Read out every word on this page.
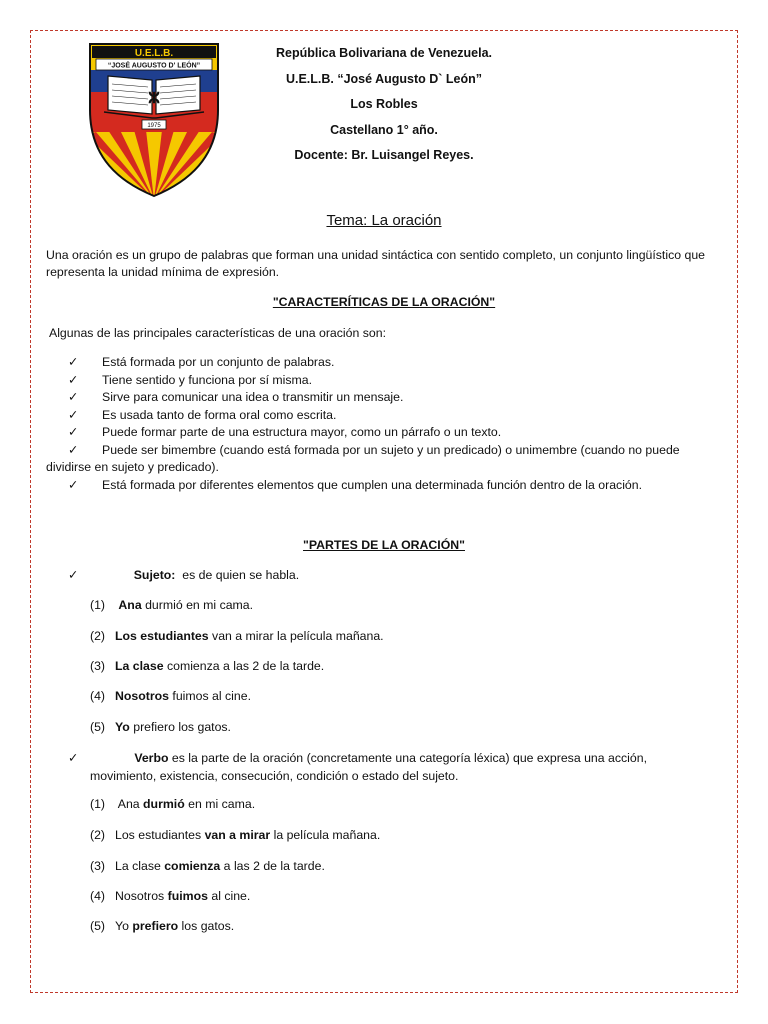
U.E.L.B.
“JOSÉ AUGUSTO D' LEÓN”
ⵣ
1975
República Bolivariana de Venezuela.
U.E.L.B. “José Augusto D` León”
Los Robles
Castellano 1° año.
Docente: Br. Luisangel Reyes.
Tema: La oración
Una oración es un grupo de palabras que forman una unidad sintáctica con sentido completo, un conjunto lingüístico que representa la unidad mínima de expresión.
"CARACTERÍTICAS DE LA ORACIÓN"
Algunas de las principales características de una oración son:
✓ Está formada por un conjunto de palabras.
✓ Tiene sentido y funciona por sí misma.
✓ Sirve para comunicar una idea o transmitir un mensaje.
✓ Es usada tanto de forma oral como escrita.
✓ Puede formar parte de una estructura mayor, como un párrafo o un texto.
✓	Puede ser bimembre (cuando está formada por un sujeto y un predicado) o unimembre (cuando no puede
dividirse en sujeto y predicado).
✓ Está formada por diferentes elementos que cumplen una determinada función dentro de la oración.
"PARTES DE LA ORACIÓN"
✓	Sujeto: es de quien se habla.
(1) Ana durmió en mi cama.
(2) Los estudiantes van a mirar la película mañana.
(3) La clase comienza a las 2 de la tarde.
(4) Nosotros fuimos al cine.
(5) Yo prefiero los gatos.
✓	Verbo es la parte de la oración (concretamente una categoría léxica) que expresa una acción,
movimiento, existencia, consecución, condición o estado del sujeto.
(1) Ana durmió en mi cama.
(2) Los estudiantes van a mirar la película mañana.
(3) La clase comienza a las 2 de la tarde.
(4) Nosotros fuimos al cine.
(5) Yo prefiero los gatos.
